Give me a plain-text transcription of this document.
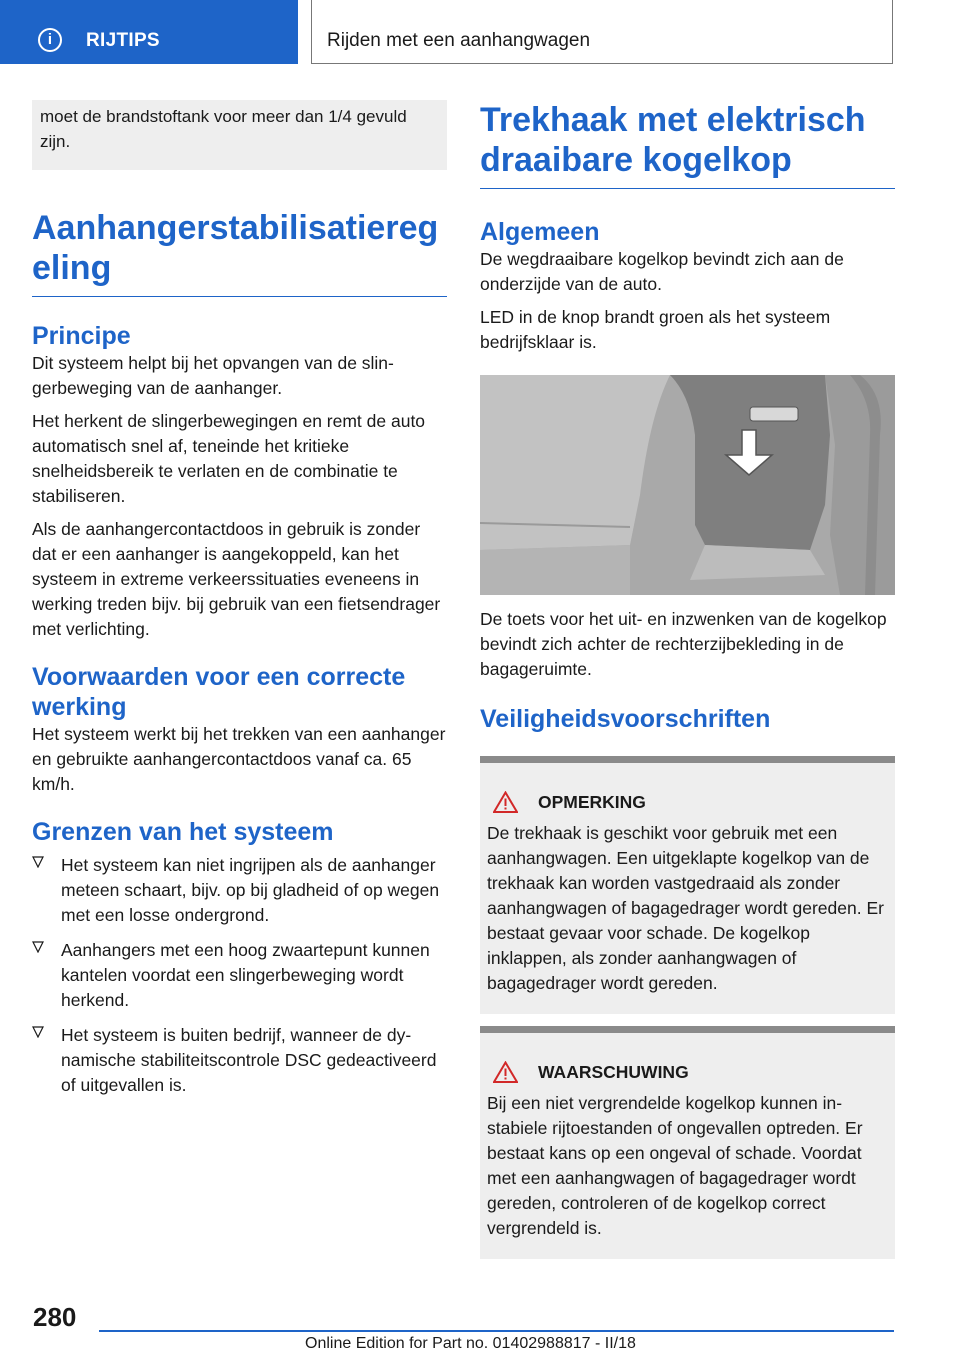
i	RIJTIPS	Rijden met een aanhangwagen
moet de brandstoftank voor meer dan 1/4 gevuld zijn.
Aanhangerstabilisatieregeling
Principe

Dit systeem helpt bij het opvangen van de slingerbeweging van de aanhanger.

Het herkent de slingerbewegingen en remt de auto automatisch snel af, teneinde het kritieke snelheidsbereik te verlaten en de combinatie te stabiliseren.

Als de aanhangercontactdoos in gebruik is zonder dat er een aanhanger is aangekoppeld, kan het systeem in extreme verkeerssituaties eveneens in werking treden bijv. bij gebruik van een fietsendrager met verlichting.

Voorwaarden voor een correcte werking

Het systeem werkt bij het trekken van een aanhanger en gebruikte aanhangercontactdoos vanaf ca. 65 km/h.

Grenzen van het systeem
Het systeem kan niet ingrijpen als de aanhanger meteen schaart, bijv. op bij gladheid of op wegen met een losse ondergrond.
Aanhangers met een hoog zwaartepunt kunnen kantelen voordat een slingerbeweging wordt herkend.
Het systeem is buiten bedrijf, wanneer de dynamische stabiliteitscontrole DSC gedeactiveerd of uitgevallen is.
Trekhaak met elektrisch draaibare kogelkop
Algemeen

De wegdraaibare kogelkop bevindt zich aan de onderzijde van de auto.

LED in de knop brandt groen als het systeem bedrijfsklaar is.

De toets voor het uit- en inzwenken van de kogelkop bevindt zich achter de rechterzijbekleding in de bagageruimte.

Veiligheidsvoorschriften
OPMERKING

De trekhaak is geschikt voor gebruik met een aanhangwagen. Een uitgeklapte kogelkop van de trekhaak kan worden vastgedraaid als zonder aanhangwagen of bagagedrager wordt gereden. Er bestaat gevaar voor schade. De kogelkop inklappen, als zonder aanhangwagen of bagagedrager wordt gereden.

WAARSCHUWING

Bij een niet vergrendelde kogelkop kunnen instabiele rijtoestanden of ongevallen optreden. Er bestaat kans op een ongeval of schade. Voordat met een aanhangwagen of bagagedrager wordt gereden, controleren of de kogelkop correct vergrendeld is.

280
Online Edition for Part no. 01402988817 - II/18
